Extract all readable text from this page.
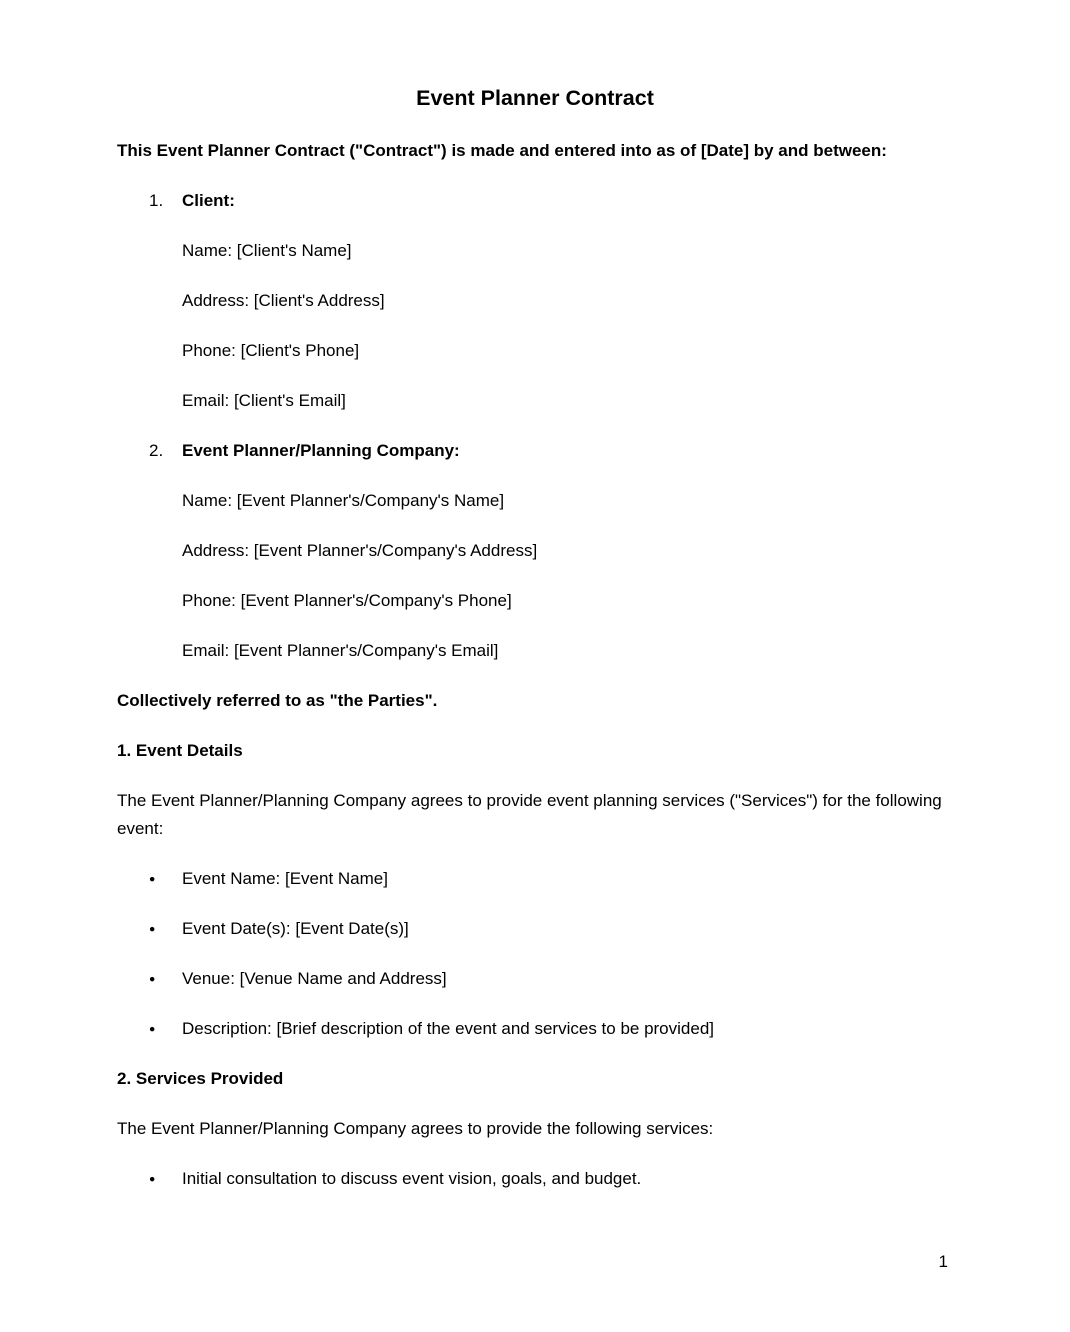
Event Planner Contract

This Event Planner Contract ("Contract") is made and entered into as of [Date] by and between:

1.	Client:

Name: [Client's Name]

Address: [Client's Address]

Phone: [Client's Phone]

Email: [Client's Email]

2.	Event Planner/Planning Company:

Name: [Event Planner's/Company's Name]

Address: [Event Planner's/Company's Address]

Phone: [Event Planner's/Company's Phone]

Email: [Event Planner's/Company's Email]

Collectively referred to as "the Parties".

1. Event Details

The Event Planner/Planning Company agrees to provide event planning services ("Services") for the following event:

●	Event Name: [Event Name]
●	Event Date(s): [Event Date(s)]
●	Venue: [Venue Name and Address]
●	Description: [Brief description of the event and services to be provided]

2. Services Provided

The Event Planner/Planning Company agrees to provide the following services:

●	Initial consultation to discuss event vision, goals, and budget.
1
